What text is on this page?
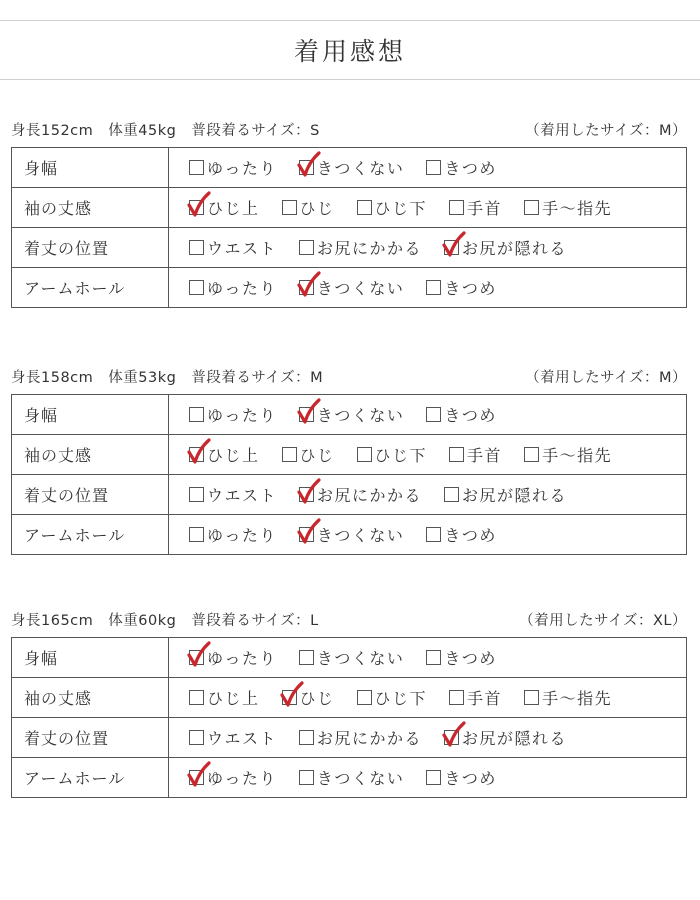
着用感想
身長152cm　体重45kg　普段着るサイズ：S	（着用したサイズ：M）
身幅	ゆったり きつくない きつめ

袖の丈感	ひじ上 ひじ ひじ下 手首 手〜指先

着丈の位置	ウエスト お尻にかかる お尻が隠れる

アームホール	ゆったり きつくない きつめ
身長158cm　体重53kg　普段着るサイズ：M	（着用したサイズ：M）
身幅	ゆったり きつくない きつめ

袖の丈感	ひじ上 ひじ ひじ下 手首 手〜指先

着丈の位置	ウエスト お尻にかかる お尻が隠れる

アームホール	ゆったり きつくない きつめ
身長165cm　体重60kg　普段着るサイズ：L	（着用したサイズ：XL）
身幅	ゆったり きつくない きつめ

袖の丈感	ひじ上 ひじ ひじ下 手首 手〜指先

着丈の位置	ウエスト お尻にかかる お尻が隠れる

アームホール	ゆったり きつくない きつめ
